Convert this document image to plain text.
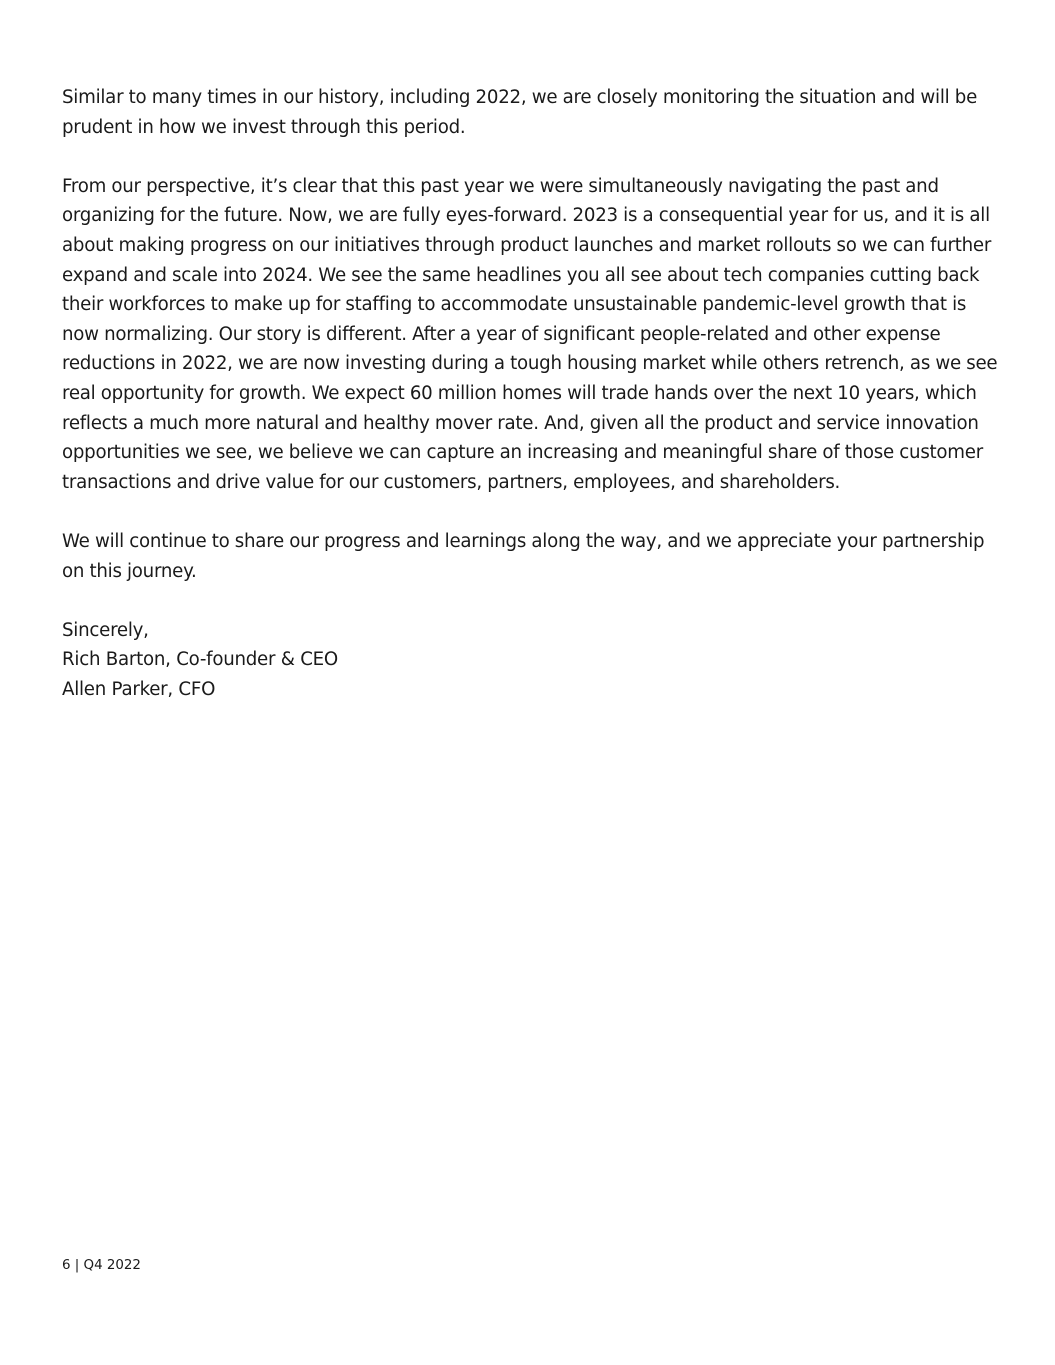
Similar to many times in our history, including 2022, we are closely monitoring the situation and will be prudent in how we invest through this period.

From our perspective, it’s clear that this past year we were simultaneously navigating the past and organizing for the future. Now, we are fully eyes-forward. 2023 is a consequential year for us, and it is all about making progress on our initiatives through product launches and market rollouts so we can further expand and scale into 2024. We see the same headlines you all see about tech companies cutting back their workforces to make up for staffing to accommodate unsustainable pandemic-level growth that is now normalizing. Our story is different. After a year of significant people-related and other expense reductions in 2022, we are now investing during a tough housing market while others retrench, as we see real opportunity for growth. We expect 60 million homes will trade hands over the next 10 years, which reflects a much more natural and healthy mover rate. And, given all the product and service innovation opportunities we see, we believe we can capture an increasing and meaningful share of those customer transactions and drive value for our customers, partners, employees, and shareholders.

We will continue to share our progress and learnings along the way, and we appreciate your partnership on this journey.

Sincerely,
Rich Barton, Co-founder & CEO
Allen Parker, CFO
6 | Q4 2022
